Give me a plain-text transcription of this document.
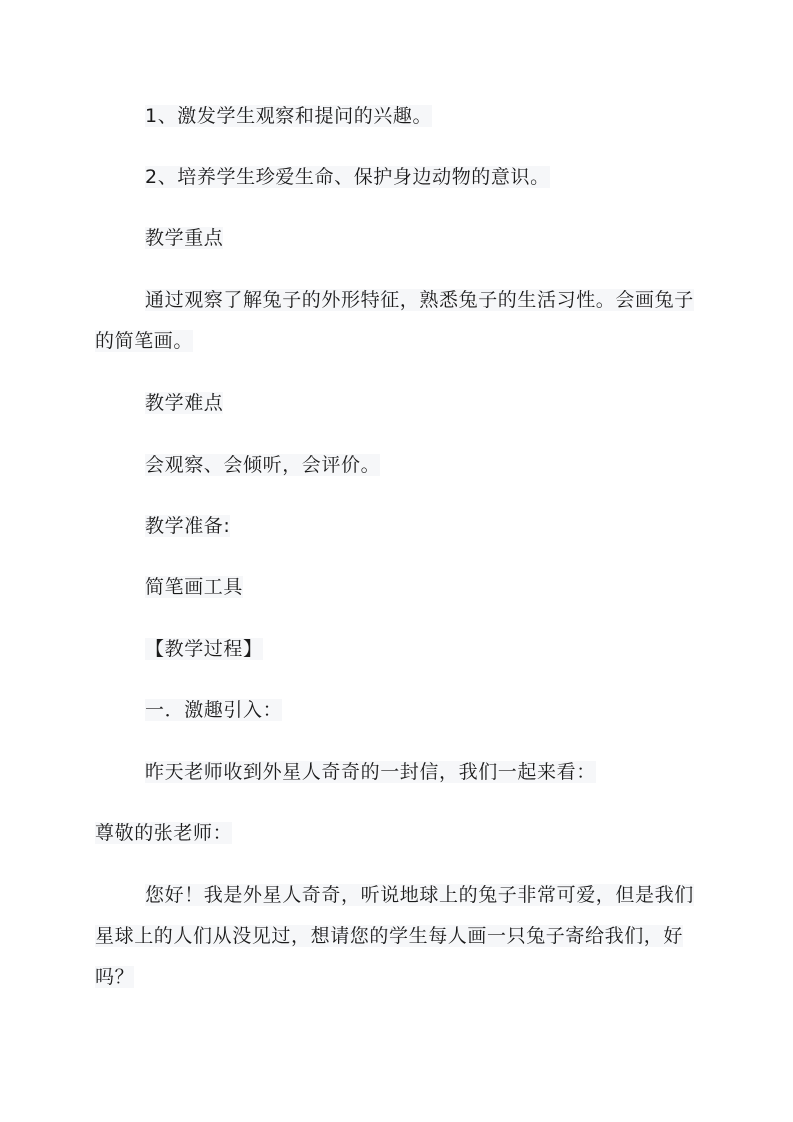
1、激发学生观察和提问的兴趣。

2、培养学生珍爱生命、保护身边动物的意识。

教学重点

通过观察了解兔子的外形特征，熟悉兔子的生活习性。会画兔子的简笔画。

教学难点

会观察、会倾听，会评价。

教学准备:

简笔画工具

【教学过程】

一．激趣引入：

昨天老师收到外星人奇奇的一封信，我们一起来看：

尊敬的张老师：

您好！我是外星人奇奇，听说地球上的兔子非常可爱，但是我们星球上的人们从没见过，想请您的学生每人画一只兔子寄给我们，好吗？
